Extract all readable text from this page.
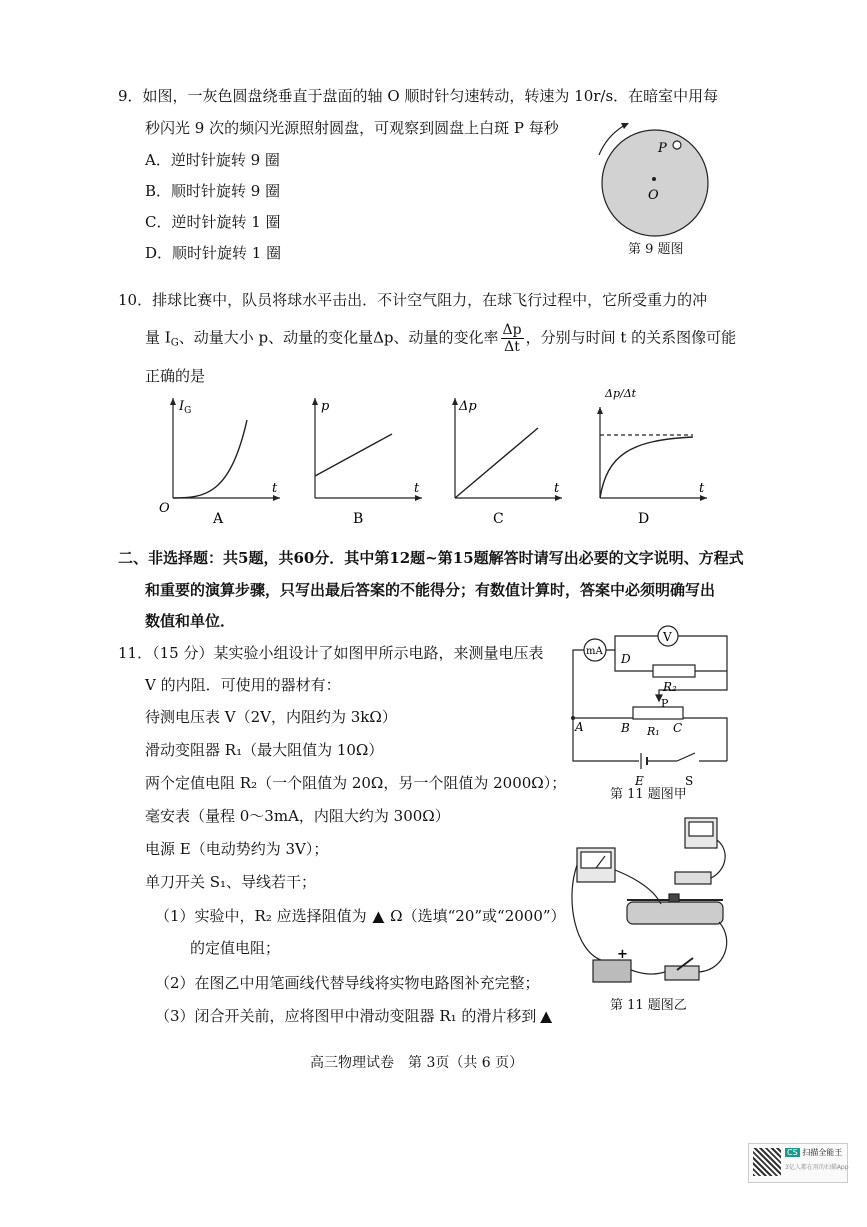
9．如图，一灰色圆盘绕垂直于盘面的轴 O 顺时针匀速转动，转速为 10r/s．在暗室中用每
秒闪光 9 次的频闪光源照射圆盘，可观察到圆盘上白斑 P 每秒
A．逆时针旋转 9 圈
B．顺时针旋转 9 圈
C．逆时针旋转 1 圈
D．顺时针旋转 1 圈
P
O
第 9 题图
10．排球比赛中，队员将球水平击出．不计空气阻力，在球飞行过程中，它所受重力的冲
量 $I_G$、动量大小 p、动量的变化量Δp、动量的变化率 $\frac{\Delta p}{\Delta t}$ ，分别与时间 t 的关系图像可能
正确的是
$I_G$
O
t
A
p
t
B
Δp
t
C
Δp/Δt
t
D
二、非选择题：共5题，共60分．其中第12题~第15题解答时请写出必要的文字说明、方程式
和重要的演算步骤，只写出最后答案的不能得分；有数值计算时，答案中必须明确写出
数值和单位．
11．（15 分）某实验小组设计了如图甲所示电路，来测量电压表
V 的内阻．可使用的器材有：
待测电压表 V（2V，内阻约为 3kΩ）
滑动变阻器 R₁（最大阻值为 10Ω）
两个定值电阻 R₂（一个阻值为 20Ω，另一个阻值为 2000Ω）；
毫安表（量程 0～3mA，内阻大约为 300Ω）
电源 E（电动势约为 3V）；
单刀开关 S₁、导线若干；
（1）实验中，R₂ 应选择阻值为 ▲ Ω（选填“20”或“2000”）
的定值电阻；
（2）在图乙中用笔画线代替导线将实物电路图补充完整；
（3）闭合开关前，应将图甲中滑动变阻器 R₁ 的滑片移到 ▲
mA
V
D
R₂
P
A	B R₁ C
E	S
第 11 题图甲
+
第 11 题图乙
高三物理试卷　第 3页（共 6 页）
CS 扫描全能王
3亿人都在用的扫描App
